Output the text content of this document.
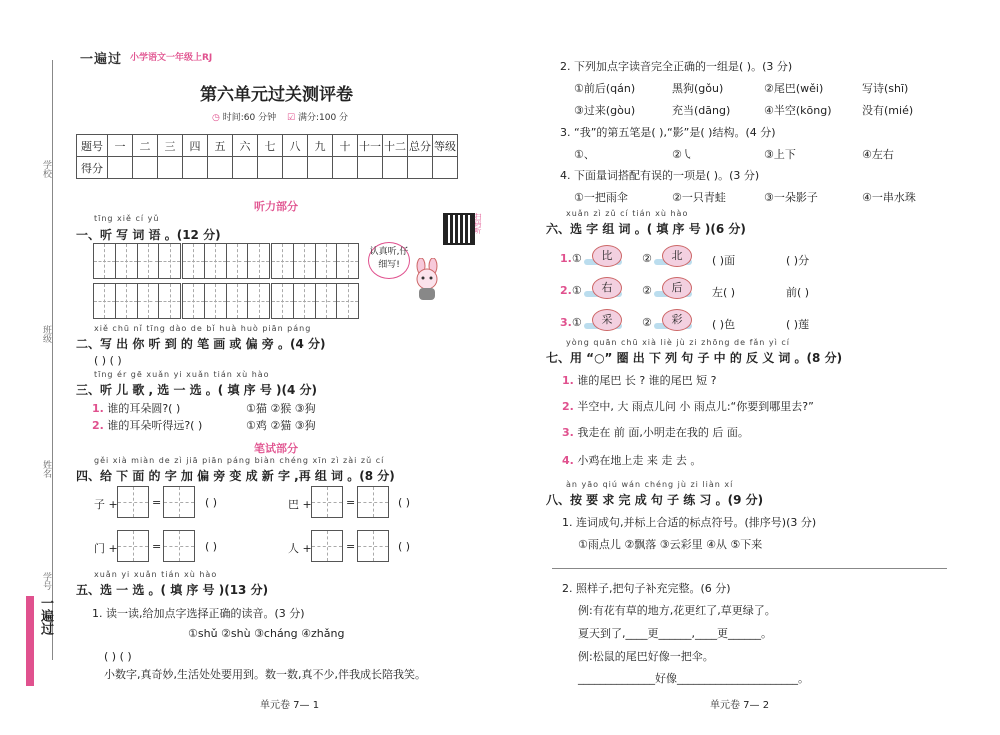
学校
班级
姓名
学号
一遍过
一遍过 小学语文一年级上RJ
第六单元过关测评卷
◷ 时间:60 分钟 ☑ 满分:100 分
题号	一	二	三	四	五	六	七	八	九	十	十一	十二	总分	等级
得分														
听力部分
tīng xiě cí yǔ
一、听 写 词 语 。(12 分)
扫码听
认真听,仔细写!
xiě chū nǐ tīng dào de bǐ huà huò piān páng
二、写 出 你 听 到 的 笔 画 或 偏 旁 。(4 分)
( ) ( )
tīng ér gē xuǎn yi xuǎn tián xù hào
三、听 儿 歌 , 选 一 选 。( 填 序 号 )(4 分)
1. 谁的耳朵圆?( )	①猫 ②猴 ③狗
2. 谁的耳朵听得远?( )	①鸡 ②猫 ③狗
笔试部分
gěi xià miàn de zì jiā piān páng biàn chéng xīn zì zài zǔ cí
四、给 下 面 的 字 加 偏 旁 变 成 新 字 ,再 组 词 。(8 分)
子 +	=	( )	巴 +	=	( )
门 +	=	( )	人 +	=	( )
xuǎn yi xuǎn tián xù hào
五、选 一 选 。( 填 序 号 )(13 分)
1. 读一读,给加点字选择正确的读音。(3 分)
①shǔ ②shù ③cháng ④zhǎng
( ) ( )
小数字,真奇妙,生活处处要用到。数一数,真不少,伴我成长陪我笑。
单元卷 7— 1
2. 下列加点字读音完全正确的一组是( )。(3 分)
①前后(qán)	黑狗(gǒu)	②尾巴(wěi)	写诗(shī)
③过来(gòu)	充当(dāng)	④半空(kōng)	没有(mié)
3. “我”的第五笔是( ),“影”是( )结构。(4 分)
①、	②㇂	③上下	④左右
4. 下面量词搭配有误的一项是( )。(3 分)
①一把雨伞	②一只青蛙	③一朵影子	④一串水珠
xuǎn zì zǔ cí tián xù hào
六、选 字 组 词 。( 填 序 号 )(6 分)
1.①	比	②	北	( )面	( )分
2.①	右	②	后	左( )	前( )
3.①	采	②	彩	( )色	( )莲
yòng quān chū xià liè jù zi zhōng de fǎn yì cí
七、用 “○” 圈 出 下 列 句 子 中 的 反 义 词 。(8 分)
1. 谁的尾巴 长 ? 谁的尾巴 短 ?
2. 半空中, 大 雨点儿问 小 雨点儿:“你要到哪里去?”
3. 我走在 前 面,小明走在我的 后 面。
4. 小鸡在地上走 来 走 去 。
àn yāo qiú wán chéng jù zi liàn xí
八、按 要 求 完 成 句 子 练 习 。(9 分)
1. 连词成句,并标上合适的标点符号。(排序号)(3 分)
①雨点儿 ②飘落 ③云彩里 ④从 ⑤下来
2. 照样子,把句子补充完整。(6 分)
例:有花有草的地方,花更红了,草更绿了。
夏天到了,____更______,____更______。
例:松鼠的尾巴好像一把伞。
______________好像______________________。
单元卷 7— 2
